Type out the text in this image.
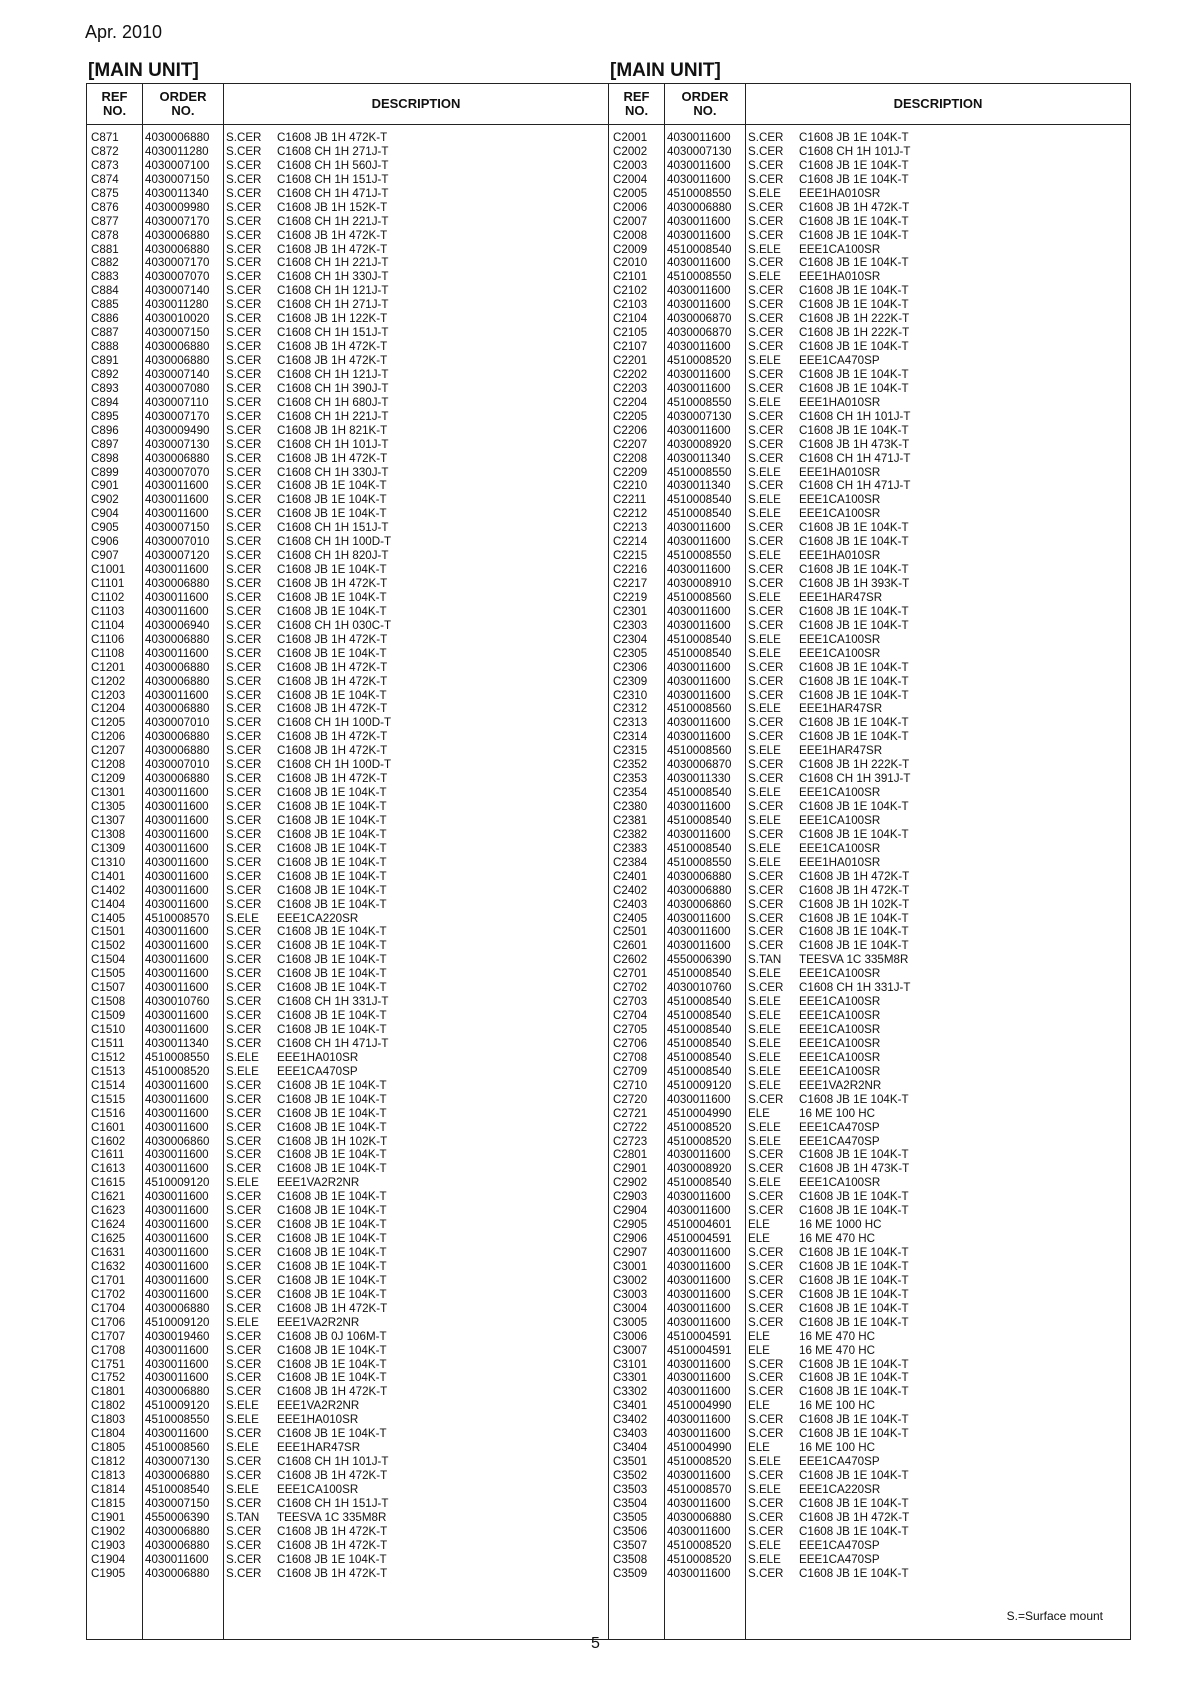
Apr. 2010
[MAIN UNIT]	[MAIN UNIT]
REF
NO.
ORDER
NO.	DESCRIPTION
C871	4030006880	S.CER	C1608 JB 1H 472K-T
C872	4030011280	S.CER	C1608 CH 1H 271J-T
C873	4030007100	S.CER	C1608 CH 1H 560J-T
C874	4030007150	S.CER	C1608 CH 1H 151J-T
C875	4030011340	S.CER	C1608 CH 1H 471J-T
C876	4030009980	S.CER	C1608 JB 1H 152K-T
C877	4030007170	S.CER	C1608 CH 1H 221J-T
C878	4030006880	S.CER	C1608 JB 1H 472K-T
C881	4030006880	S.CER	C1608 JB 1H 472K-T
C882	4030007170	S.CER	C1608 CH 1H 221J-T
C883	4030007070	S.CER	C1608 CH 1H 330J-T
C884	4030007140	S.CER	C1608 CH 1H 121J-T
C885	4030011280	S.CER	C1608 CH 1H 271J-T
C886	4030010020	S.CER	C1608 JB 1H 122K-T
C887	4030007150	S.CER	C1608 CH 1H 151J-T
C888	4030006880	S.CER	C1608 JB 1H 472K-T
C891	4030006880	S.CER	C1608 JB 1H 472K-T
C892	4030007140	S.CER	C1608 CH 1H 121J-T
C893	4030007080	S.CER	C1608 CH 1H 390J-T
C894	4030007110	S.CER	C1608 CH 1H 680J-T
C895	4030007170	S.CER	C1608 CH 1H 221J-T
C896	4030009490	S.CER	C1608 JB 1H 821K-T
C897	4030007130	S.CER	C1608 CH 1H 101J-T
C898	4030006880	S.CER	C1608 JB 1H 472K-T
C899	4030007070	S.CER	C1608 CH 1H 330J-T
C901	4030011600	S.CER	C1608 JB 1E 104K-T
C902	4030011600	S.CER	C1608 JB 1E 104K-T
C904	4030011600	S.CER	C1608 JB 1E 104K-T
C905	4030007150	S.CER	C1608 CH 1H 151J-T
C906	4030007010	S.CER	C1608 CH 1H 100D-T
C907	4030007120	S.CER	C1608 CH 1H 820J-T
C1001	4030011600	S.CER	C1608 JB 1E 104K-T
C1101	4030006880	S.CER	C1608 JB 1H 472K-T
C1102	4030011600	S.CER	C1608 JB 1E 104K-T
C1103	4030011600	S.CER	C1608 JB 1E 104K-T
C1104	4030006940	S.CER	C1608 CH 1H 030C-T
C1106	4030006880	S.CER	C1608 JB 1H 472K-T
C1108	4030011600	S.CER	C1608 JB 1E 104K-T
C1201	4030006880	S.CER	C1608 JB 1H 472K-T
C1202	4030006880	S.CER	C1608 JB 1H 472K-T
C1203	4030011600	S.CER	C1608 JB 1E 104K-T
C1204	4030006880	S.CER	C1608 JB 1H 472K-T
C1205	4030007010	S.CER	C1608 CH 1H 100D-T
C1206	4030006880	S.CER	C1608 JB 1H 472K-T
C1207	4030006880	S.CER	C1608 JB 1H 472K-T
C1208	4030007010	S.CER	C1608 CH 1H 100D-T
C1209	4030006880	S.CER	C1608 JB 1H 472K-T
C1301	4030011600	S.CER	C1608 JB 1E 104K-T
C1305	4030011600	S.CER	C1608 JB 1E 104K-T
C1307	4030011600	S.CER	C1608 JB 1E 104K-T
C1308	4030011600	S.CER	C1608 JB 1E 104K-T
C1309	4030011600	S.CER	C1608 JB 1E 104K-T
C1310	4030011600	S.CER	C1608 JB 1E 104K-T
C1401	4030011600	S.CER	C1608 JB 1E 104K-T
C1402	4030011600	S.CER	C1608 JB 1E 104K-T
C1404	4030011600	S.CER	C1608 JB 1E 104K-T
C1405	4510008570	S.ELE	EEE1CA220SR
C1501	4030011600	S.CER	C1608 JB 1E 104K-T
C1502	4030011600	S.CER	C1608 JB 1E 104K-T
C1504	4030011600	S.CER	C1608 JB 1E 104K-T
C1505	4030011600	S.CER	C1608 JB 1E 104K-T
C1507	4030011600	S.CER	C1608 JB 1E 104K-T
C1508	4030010760	S.CER	C1608 CH 1H 331J-T
C1509	4030011600	S.CER	C1608 JB 1E 104K-T
C1510	4030011600	S.CER	C1608 JB 1E 104K-T
C1511	4030011340	S.CER	C1608 CH 1H 471J-T
C1512	4510008550	S.ELE	EEE1HA010SR
C1513	4510008520	S.ELE	EEE1CA470SP
C1514	4030011600	S.CER	C1608 JB 1E 104K-T
C1515	4030011600	S.CER	C1608 JB 1E 104K-T
C1516	4030011600	S.CER	C1608 JB 1E 104K-T
C1601	4030011600	S.CER	C1608 JB 1E 104K-T
C1602	4030006860	S.CER	C1608 JB 1H 102K-T
C1611	4030011600	S.CER	C1608 JB 1E 104K-T
C1613	4030011600	S.CER	C1608 JB 1E 104K-T
C1615	4510009120	S.ELE	EEE1VA2R2NR
C1621	4030011600	S.CER	C1608 JB 1E 104K-T
C1623	4030011600	S.CER	C1608 JB 1E 104K-T
C1624	4030011600	S.CER	C1608 JB 1E 104K-T
C1625	4030011600	S.CER	C1608 JB 1E 104K-T
C1631	4030011600	S.CER	C1608 JB 1E 104K-T
C1632	4030011600	S.CER	C1608 JB 1E 104K-T
C1701	4030011600	S.CER	C1608 JB 1E 104K-T
C1702	4030011600	S.CER	C1608 JB 1E 104K-T
C1704	4030006880	S.CER	C1608 JB 1H 472K-T
C1706	4510009120	S.ELE	EEE1VA2R2NR
C1707	4030019460	S.CER	C1608 JB 0J 106M-T
C1708	4030011600	S.CER	C1608 JB 1E 104K-T
C1751	4030011600	S.CER	C1608 JB 1E 104K-T
C1752	4030011600	S.CER	C1608 JB 1E 104K-T
C1801	4030006880	S.CER	C1608 JB 1H 472K-T
C1802	4510009120	S.ELE	EEE1VA2R2NR
C1803	4510008550	S.ELE	EEE1HA010SR
C1804	4030011600	S.CER	C1608 JB 1E 104K-T
C1805	4510008560	S.ELE	EEE1HAR47SR
C1812	4030007130	S.CER	C1608 CH 1H 101J-T
C1813	4030006880	S.CER	C1608 JB 1H 472K-T
C1814	4510008540	S.ELE	EEE1CA100SR
C1815	4030007150	S.CER	C1608 CH 1H 151J-T
C1901	4550006390	S.TAN	TEESVA 1C 335M8R
C1902	4030006880	S.CER	C1608 JB 1H 472K-T
C1903	4030006880	S.CER	C1608 JB 1H 472K-T
C1904	4030011600	S.CER	C1608 JB 1E 104K-T
C1905	4030006880	S.CER	C1608 JB 1H 472K-T
REF
NO.
ORDER
NO.	DESCRIPTION
C2001	4030011600	S.CER	C1608 JB 1E 104K-T
C2002	4030007130	S.CER	C1608 CH 1H 101J-T
C2003	4030011600	S.CER	C1608 JB 1E 104K-T
C2004	4030011600	S.CER	C1608 JB 1E 104K-T
C2005	4510008550	S.ELE	EEE1HA010SR
C2006	4030006880	S.CER	C1608 JB 1H 472K-T
C2007	4030011600	S.CER	C1608 JB 1E 104K-T
C2008	4030011600	S.CER	C1608 JB 1E 104K-T
C2009	4510008540	S.ELE	EEE1CA100SR
C2010	4030011600	S.CER	C1608 JB 1E 104K-T
C2101	4510008550	S.ELE	EEE1HA010SR
C2102	4030011600	S.CER	C1608 JB 1E 104K-T
C2103	4030011600	S.CER	C1608 JB 1E 104K-T
C2104	4030006870	S.CER	C1608 JB 1H 222K-T
C2105	4030006870	S.CER	C1608 JB 1H 222K-T
C2107	4030011600	S.CER	C1608 JB 1E 104K-T
C2201	4510008520	S.ELE	EEE1CA470SP
C2202	4030011600	S.CER	C1608 JB 1E 104K-T
C2203	4030011600	S.CER	C1608 JB 1E 104K-T
C2204	4510008550	S.ELE	EEE1HA010SR
C2205	4030007130	S.CER	C1608 CH 1H 101J-T
C2206	4030011600	S.CER	C1608 JB 1E 104K-T
C2207	4030008920	S.CER	C1608 JB 1H 473K-T
C2208	4030011340	S.CER	C1608 CH 1H 471J-T
C2209	4510008550	S.ELE	EEE1HA010SR
C2210	4030011340	S.CER	C1608 CH 1H 471J-T
C2211	4510008540	S.ELE	EEE1CA100SR
C2212	4510008540	S.ELE	EEE1CA100SR
C2213	4030011600	S.CER	C1608 JB 1E 104K-T
C2214	4030011600	S.CER	C1608 JB 1E 104K-T
C2215	4510008550	S.ELE	EEE1HA010SR
C2216	4030011600	S.CER	C1608 JB 1E 104K-T
C2217	4030008910	S.CER	C1608 JB 1H 393K-T
C2219	4510008560	S.ELE	EEE1HAR47SR
C2301	4030011600	S.CER	C1608 JB 1E 104K-T
C2303	4030011600	S.CER	C1608 JB 1E 104K-T
C2304	4510008540	S.ELE	EEE1CA100SR
C2305	4510008540	S.ELE	EEE1CA100SR
C2306	4030011600	S.CER	C1608 JB 1E 104K-T
C2309	4030011600	S.CER	C1608 JB 1E 104K-T
C2310	4030011600	S.CER	C1608 JB 1E 104K-T
C2312	4510008560	S.ELE	EEE1HAR47SR
C2313	4030011600	S.CER	C1608 JB 1E 104K-T
C2314	4030011600	S.CER	C1608 JB 1E 104K-T
C2315	4510008560	S.ELE	EEE1HAR47SR
C2352	4030006870	S.CER	C1608 JB 1H 222K-T
C2353	4030011330	S.CER	C1608 CH 1H 391J-T
C2354	4510008540	S.ELE	EEE1CA100SR
C2380	4030011600	S.CER	C1608 JB 1E 104K-T
C2381	4510008540	S.ELE	EEE1CA100SR
C2382	4030011600	S.CER	C1608 JB 1E 104K-T
C2383	4510008540	S.ELE	EEE1CA100SR
C2384	4510008550	S.ELE	EEE1HA010SR
C2401	4030006880	S.CER	C1608 JB 1H 472K-T
C2402	4030006880	S.CER	C1608 JB 1H 472K-T
C2403	4030006860	S.CER	C1608 JB 1H 102K-T
C2405	4030011600	S.CER	C1608 JB 1E 104K-T
C2501	4030011600	S.CER	C1608 JB 1E 104K-T
C2601	4030011600	S.CER	C1608 JB 1E 104K-T
C2602	4550006390	S.TAN	TEESVA 1C 335M8R
C2701	4510008540	S.ELE	EEE1CA100SR
C2702	4030010760	S.CER	C1608 CH 1H 331J-T
C2703	4510008540	S.ELE	EEE1CA100SR
C2704	4510008540	S.ELE	EEE1CA100SR
C2705	4510008540	S.ELE	EEE1CA100SR
C2706	4510008540	S.ELE	EEE1CA100SR
C2708	4510008540	S.ELE	EEE1CA100SR
C2709	4510008540	S.ELE	EEE1CA100SR
C2710	4510009120	S.ELE	EEE1VA2R2NR
C2720	4030011600	S.CER	C1608 JB 1E 104K-T
C2721	4510004990	ELE	16 ME 100 HC
C2722	4510008520	S.ELE	EEE1CA470SP
C2723	4510008520	S.ELE	EEE1CA470SP
C2801	4030011600	S.CER	C1608 JB 1E 104K-T
C2901	4030008920	S.CER	C1608 JB 1H 473K-T
C2902	4510008540	S.ELE	EEE1CA100SR
C2903	4030011600	S.CER	C1608 JB 1E 104K-T
C2904	4030011600	S.CER	C1608 JB 1E 104K-T
C2905	4510004601	ELE	16 ME 1000 HC
C2906	4510004591	ELE	16 ME 470 HC
C2907	4030011600	S.CER	C1608 JB 1E 104K-T
C3001	4030011600	S.CER	C1608 JB 1E 104K-T
C3002	4030011600	S.CER	C1608 JB 1E 104K-T
C3003	4030011600	S.CER	C1608 JB 1E 104K-T
C3004	4030011600	S.CER	C1608 JB 1E 104K-T
C3005	4030011600	S.CER	C1608 JB 1E 104K-T
C3006	4510004591	ELE	16 ME 470 HC
C3007	4510004591	ELE	16 ME 470 HC
C3101	4030011600	S.CER	C1608 JB 1E 104K-T
C3301	4030011600	S.CER	C1608 JB 1E 104K-T
C3302	4030011600	S.CER	C1608 JB 1E 104K-T
C3401	4510004990	ELE	16 ME 100 HC
C3402	4030011600	S.CER	C1608 JB 1E 104K-T
C3403	4030011600	S.CER	C1608 JB 1E 104K-T
C3404	4510004990	ELE	16 ME 100 HC
C3501	4510008520	S.ELE	EEE1CA470SP
C3502	4030011600	S.CER	C1608 JB 1E 104K-T
C3503	4510008570	S.ELE	EEE1CA220SR
C3504	4030011600	S.CER	C1608 JB 1E 104K-T
C3505	4030006880	S.CER	C1608 JB 1H 472K-T
C3506	4030011600	S.CER	C1608 JB 1E 104K-T
C3507	4510008520	S.ELE	EEE1CA470SP
C3508	4510008520	S.ELE	EEE1CA470SP
C3509	4030011600	S.CER	C1608 JB 1E 104K-T
S.=Surface mount
5
